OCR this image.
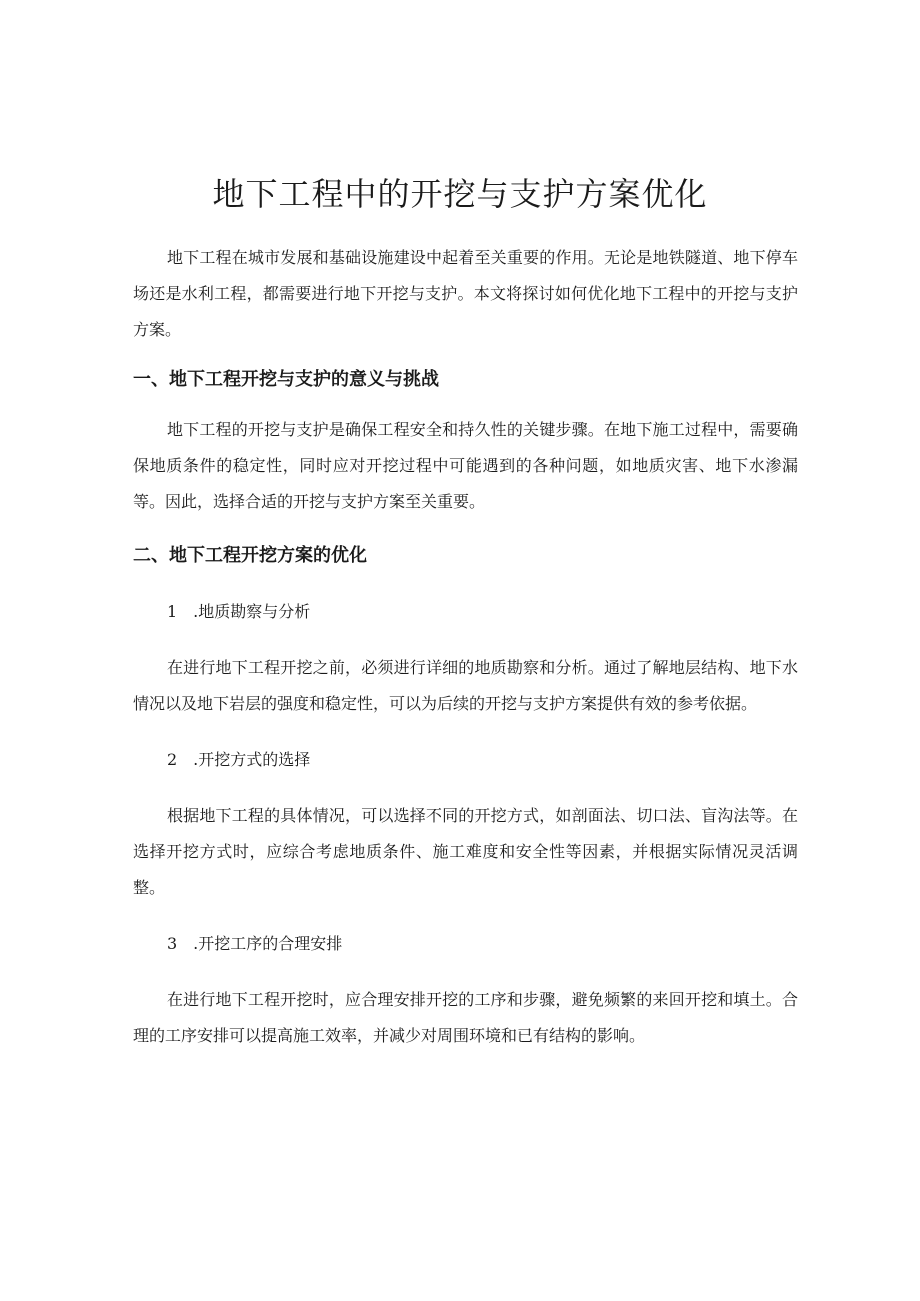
地下工程中的开挖与支护方案优化

地下工程在城市发展和基础设施建设中起着至关重要的作用。无论是地铁隧道、地下停车场还是水利工程，都需要进行地下开挖与支护。本文将探讨如何优化地下工程中的开挖与支护方案。

一、地下工程开挖与支护的意义与挑战

地下工程的开挖与支护是确保工程安全和持久性的关键步骤。在地下施工过程中，需要确保地质条件的稳定性，同时应对开挖过程中可能遇到的各种问题，如地质灾害、地下水渗漏等。因此，选择合适的开挖与支护方案至关重要。

二、地下工程开挖方案的优化

1　.地质勘察与分析

在进行地下工程开挖之前，必须进行详细的地质勘察和分析。通过了解地层结构、地下水情况以及地下岩层的强度和稳定性，可以为后续的开挖与支护方案提供有效的参考依据。

2　.开挖方式的选择

根据地下工程的具体情况，可以选择不同的开挖方式，如剖面法、切口法、盲沟法等。在选择开挖方式时，应综合考虑地质条件、施工难度和安全性等因素，并根据实际情况灵活调整。

3　.开挖工序的合理安排

在进行地下工程开挖时，应合理安排开挖的工序和步骤，避免频繁的来回开挖和填土。合理的工序安排可以提高施工效率，并减少对周围环境和已有结构的影响。
